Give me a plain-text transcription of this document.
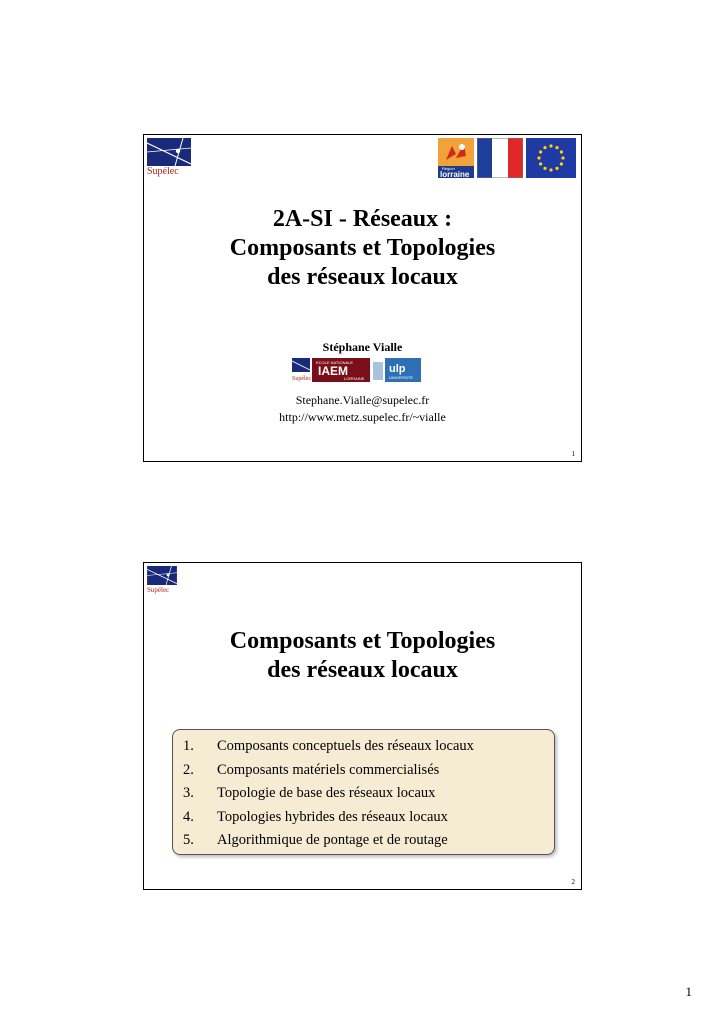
Supélec	Région
lorraine
2A-SI - Réseaux :
Composants et Topologies
des réseaux locaux
Stéphane Vialle
Supélec
ECOLE NATIONALE
IAEM
LORRAINE
ulp
UNIVERSITÉ
Stephane.Vialle@supelec.fr
http://www.metz.supelec.fr/~vialle
1
Supélec
Composants et Topologies
des réseaux locaux
1.	Composants conceptuels des réseaux locaux
2.	Composants matériels commercialisés
3.	Topologie de base des réseaux locaux
4.	Topologies hybrides des réseaux locaux
5.	Algorithmique de pontage et de routage
2
1
